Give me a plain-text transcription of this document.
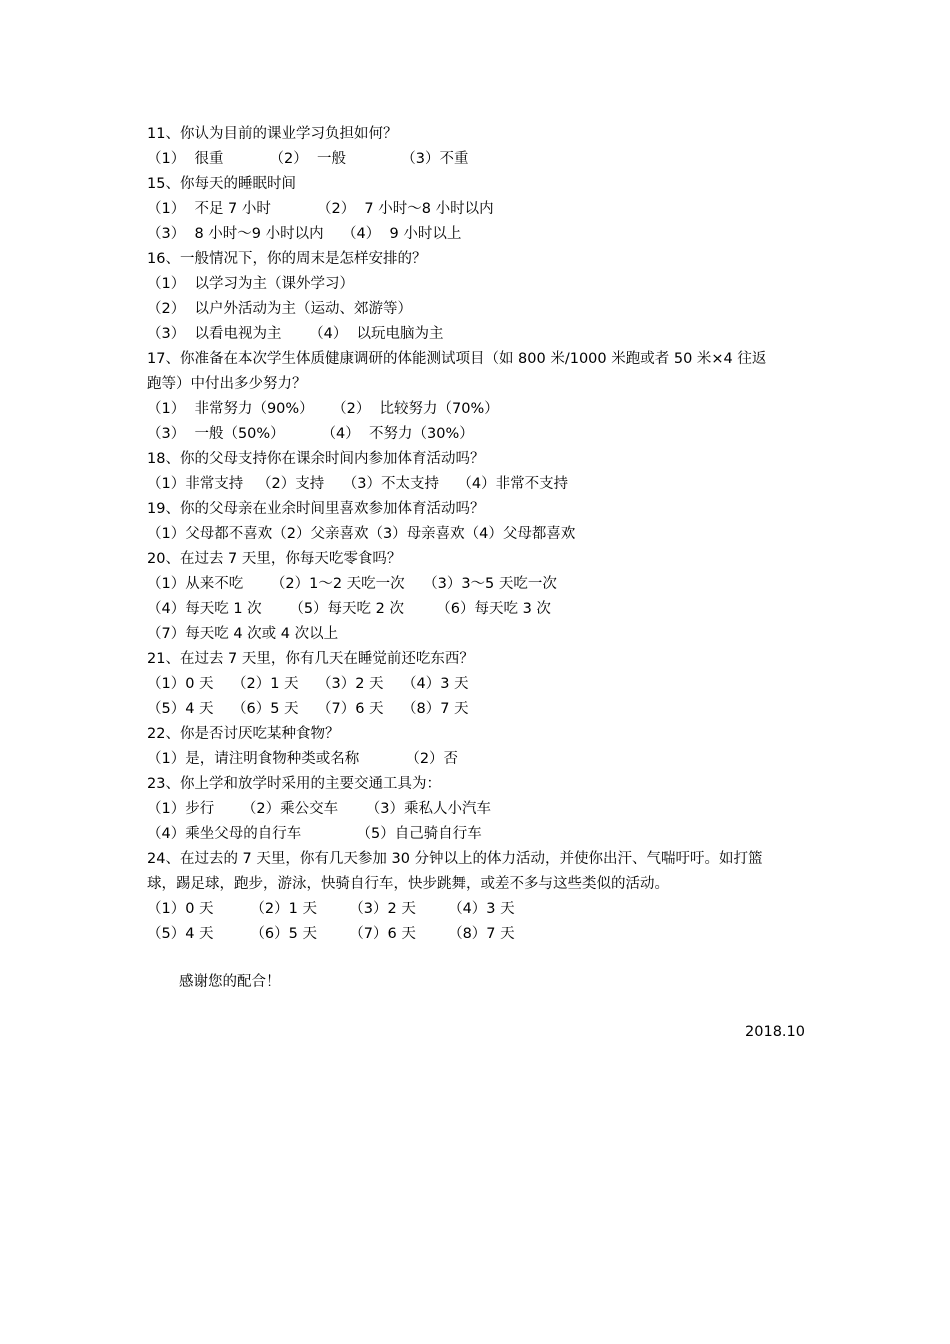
11、你认为目前的课业学习负担如何？
（1）  很重          （2）  一般            （3）不重
15、你每天的睡眠时间
（1）  不足 7 小时          （2）  7 小时～8 小时以内
（3）  8 小时～9 小时以内    （4）  9 小时以上
16、一般情况下，你的周末是怎样安排的？
（1）  以学习为主（课外学习）
（2）  以户外活动为主（运动、郊游等）
（3）  以看电视为主      （4）  以玩电脑为主
17、你准备在本次学生体质健康调研的体能测试项目（如 800 米/1000 米跑或者 50 米×4 往返
跑等）中付出多少努力？
（1）  非常努力（90%）    （2）  比较努力（70%）
（3）  一般（50%）        （4）  不努力（30%）
18、你的父母支持你在课余时间内参加体育活动吗？
（1）非常支持   （2）支持    （3）不太支持    （4）非常不支持
19、你的父母亲在业余时间里喜欢参加体育活动吗？
（1）父母都不喜欢（2）父亲喜欢（3）母亲喜欢（4）父母都喜欢
20、在过去 7 天里，你每天吃零食吗？
（1）从来不吃      （2）1～2 天吃一次    （3）3～5 天吃一次
（4）每天吃 1 次      （5）每天吃 2 次       （6）每天吃 3 次
（7）每天吃 4 次或 4 次以上
21、在过去 7 天里，你有几天在睡觉前还吃东西？
（1）0 天    （2）1 天    （3）2 天    （4）3 天
（5）4 天    （6）5 天    （7）6 天    （8）7 天
22、你是否讨厌吃某种食物？
（1）是，请注明食物种类或名称          （2）否
23、你上学和放学时采用的主要交通工具为：
（1）步行      （2）乘公交车      （3）乘私人小汽车
（4）乘坐父母的自行车            （5）自己骑自行车
24、在过去的 7 天里，你有几天参加 30 分钟以上的体力活动，并使你出汗、气喘吁吁。如打篮
球，踢足球，跑步，游泳，快骑自行车，快步跳舞，或差不多与这些类似的活动。
（1）0 天        （2）1 天       （3）2 天       （4）3 天
（5）4 天        （6）5 天       （7）6 天       （8）7 天
感谢您的配合！
2018.10
